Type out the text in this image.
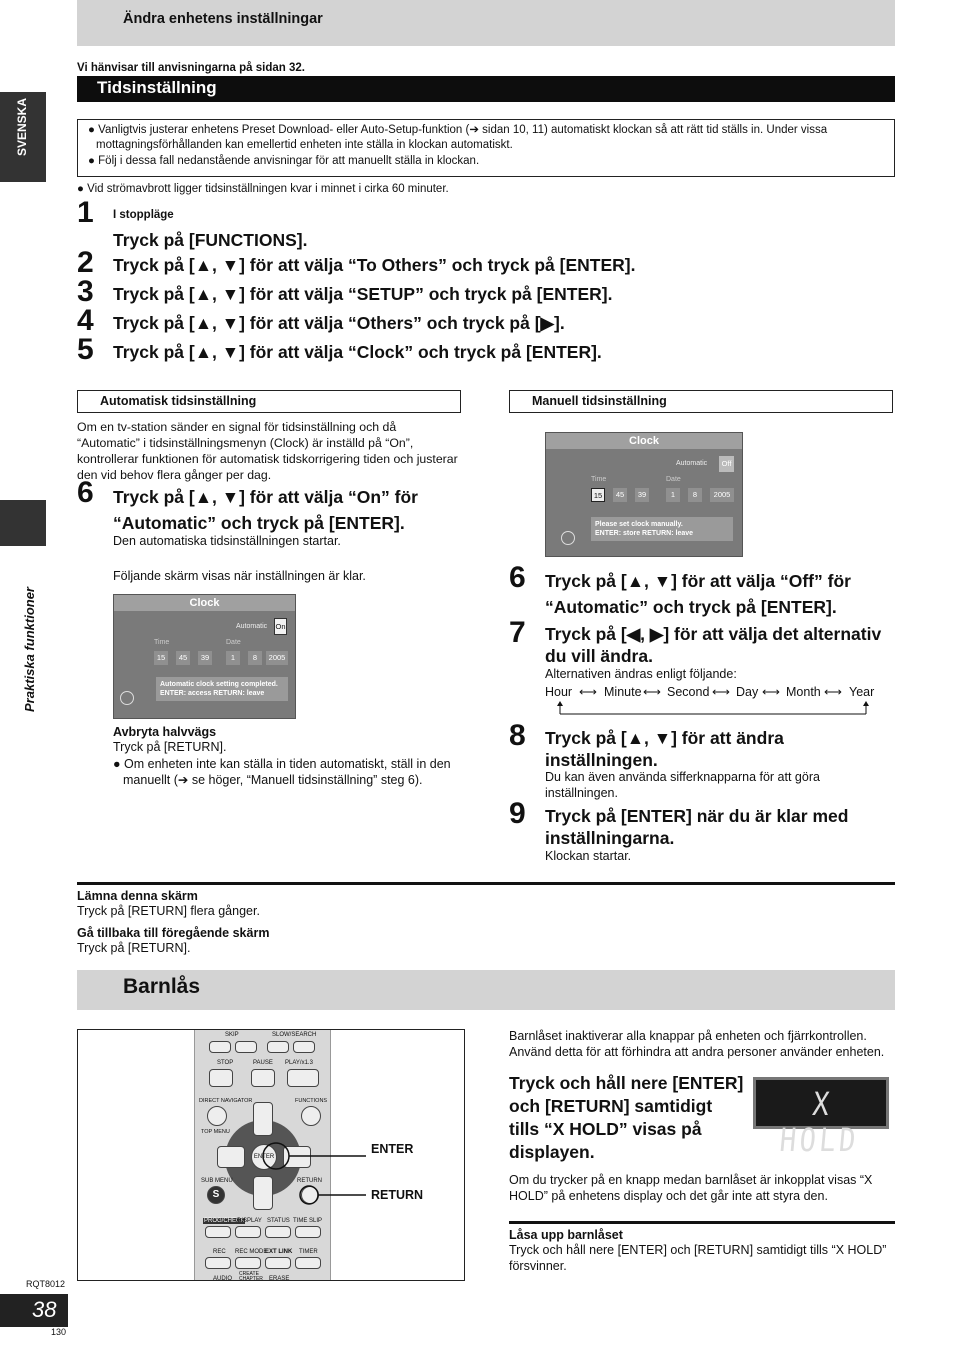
Ändra enhetens inställningar
Vi hänvisar till anvisningarna på sidan 32.
SVENSKA
Praktiska funktioner
Tidsinställning
● Vanligtvis justerar enhetens Preset Download- eller Auto-Setup-funktion (➔ sidan 10, 11) automatiskt klockan så att rätt tid ställs in. Under vissa mottagningsförhållanden kan emellertid enheten inte ställa in klockan automatiskt.
● Följ i dessa fall nedanstående anvisningar för att manuellt ställa in klockan.
● Vid strömavbrott ligger tidsinställningen kvar i minnet i cirka 60 minuter.
1 I stoppläge
Tryck på [FUNCTIONS].
2 Tryck på [▲, ▼] för att välja “To Others” och tryck på [ENTER].
3 Tryck på [▲, ▼] för att välja “SETUP” och tryck på [ENTER].
4 Tryck på [▲, ▼] för att välja “Others” och tryck på [▶].
5 Tryck på [▲, ▼] för att välja “Clock” och tryck på [ENTER].
Automatisk tidsinställning
Om en tv-station sänder en signal för tidsinställning och då “Automatic” i tidsinställningsmenyn (Clock) är inställd på “On”, kontrollerar funktionen för automatisk tidskorrigering tiden och justerar den vid behov flera gånger per dag.
6 Tryck på [▲, ▼] för att välja “On” för “Automatic” och tryck på [ENTER].
Den automatiska tidsinställningen startar.
Följande skärm visas när inställningen är klar.
Clock
Automatic On
Time	Date
15	45	39	1	8	2005
Automatic clock setting completed.
ENTER: access RETURN: leave
Avbryta halvvägs
Tryck på [RETURN].
● Om enheten inte kan ställa in tiden automatiskt, ställ in den manuellt (➔ se höger, “Manuell tidsinställning” steg 6).
Manuell tidsinställning
Clock
Automatic	Off
Time	Date
15	45	39	1	8	2005
Please set clock manually.
ENTER: store RETURN: leave
6 Tryck på [▲, ▼] för att välja “Off” för “Automatic” och tryck på [ENTER].
7 Tryck på [◀, ▶] för att välja det alternativ du vill ändra.
Alternativen ändras enligt följande:
Hour ⟷ Minute ⟷ Second ⟷ Day ⟷ Month ⟷ Year
8 Tryck på [▲, ▼] för att ändra inställningen.
Du kan även använda sifferknapparna för att göra inställningen.
9 Tryck på [ENTER] när du är klar med inställningarna.
Klockan startar.
Lämna denna skärm
Tryck på [RETURN] flera gånger.
Gå tillbaka till föregående skärm
Tryck på [RETURN].
Barnlås
SKIP	SLOW/SEARCH
STOP	PAUSE PLAY/x1.3
DIRECT NAVIGATOR	FUNCTIONS
TOP MENU
ENTER
SUB MENU	RETURN
S
PROG/CHECK
DISPLAY STATUS TIME SLIP
REC REC MODE
EXT LINK TIMER
AUDIO
CREATE CHAPTER ERASE
ENTER
RETURN
Barnlåset inaktiverar alla knappar på enheten och fjärrkontrollen. Använd detta för att förhindra att andra personer använder enheten.
Tryck och håll nere [ENTER] och [RETURN] samtidigt tills “X HOLD” visas på displayen.
X HOLD
Om du trycker på en knapp medan barnlåset är inkopplat visas “X HOLD” på enhetens display och det går inte att styra den.
Låsa upp barnlåset
Tryck och håll nere [ENTER] och [RETURN] samtidigt tills “X HOLD” försvinner.
RQT8012
38
130
